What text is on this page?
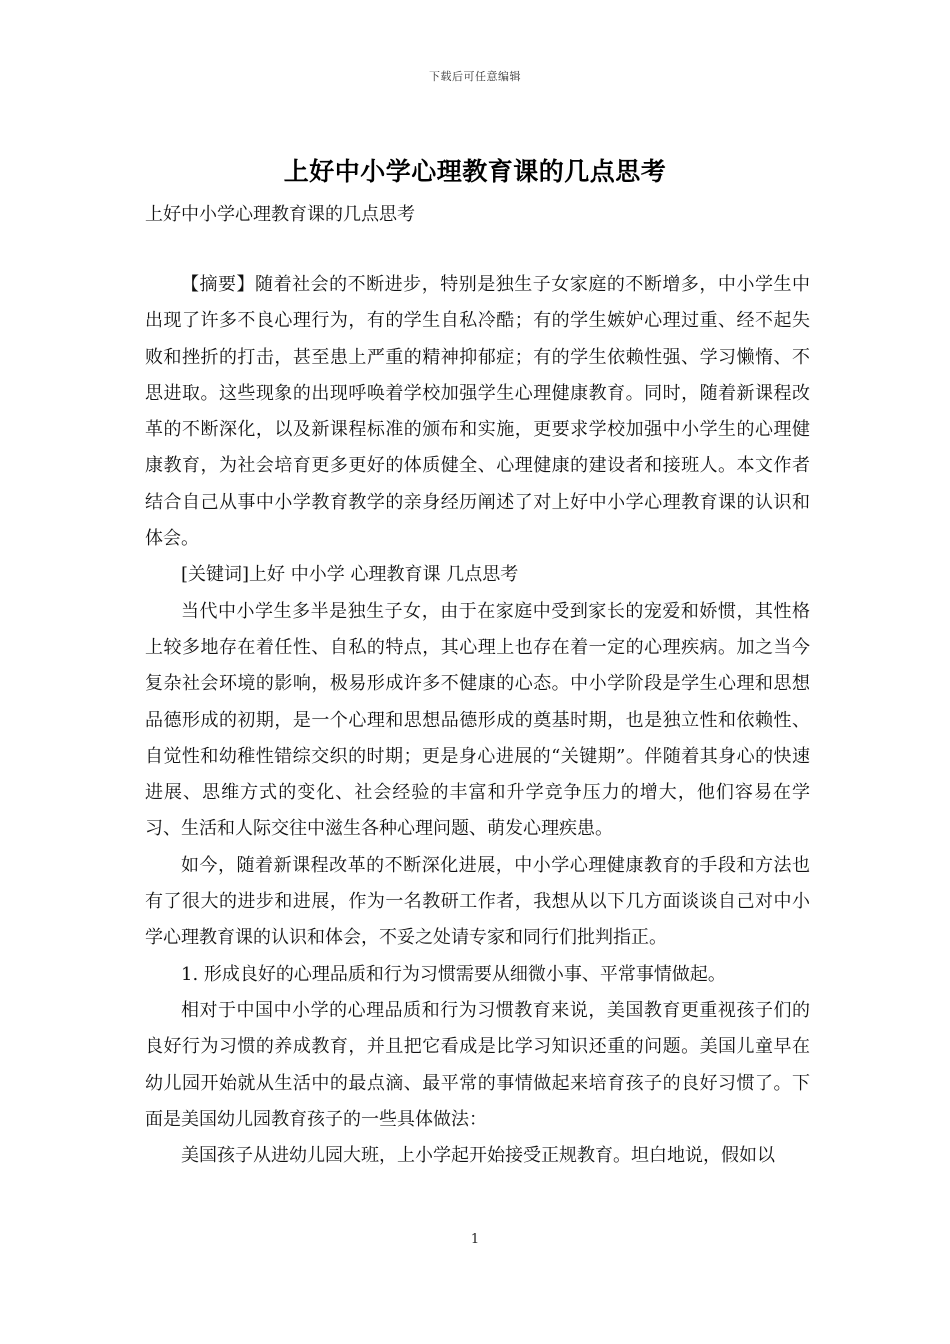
下载后可任意编辑
上好中小学心理教育课的几点思考
上好中小学心理教育课的几点思考

【摘要】随着社会的不断进步，特别是独生子女家庭的不断增多，中小学生中出现了许多不良心理行为，有的学生自私冷酷；有的学生嫉妒心理过重、经不起失败和挫折的打击，甚至患上严重的精神抑郁症；有的学生依赖性强、学习懒惰、不思进取。这些现象的出现呼唤着学校加强学生心理健康教育。同时，随着新课程改革的不断深化，以及新课程标准的颁布和实施，更要求学校加强中小学生的心理健康教育，为社会培育更多更好的体质健全、心理健康的建设者和接班人。本文作者结合自己从事中小学教育教学的亲身经历阐述了对上好中小学心理教育课的认识和体会。

[关键词]上好 中小学 心理教育课 几点思考

当代中小学生多半是独生子女，由于在家庭中受到家长的宠爱和娇惯，其性格上较多地存在着任性、自私的特点，其心理上也存在着一定的心理疾病。加之当今复杂社会环境的影响，极易形成许多不健康的心态。中小学阶段是学生心理和思想品德形成的初期，是一个心理和思想品德形成的奠基时期，也是独立性和依赖性、自觉性和幼稚性错综交织的时期；更是身心进展的“关键期”。伴随着其身心的快速进展、思维方式的变化、社会经验的丰富和升学竞争压力的增大，他们容易在学习、生活和人际交往中滋生各种心理问题、萌发心理疾患。

如今，随着新课程改革的不断深化进展，中小学心理健康教育的手段和方法也有了很大的进步和进展，作为一名教研工作者，我想从以下几方面谈谈自己对中小学心理教育课的认识和体会，不妥之处请专家和同行们批判指正。

1. 形成良好的心理品质和行为习惯需要从细微小事、平常事情做起。

相对于中国中小学的心理品质和行为习惯教育来说，美国教育更重视孩子们的良好行为习惯的养成教育，并且把它看成是比学习知识还重的问题。美国儿童早在幼儿园开始就从生活中的最点滴、最平常的事情做起来培育孩子的良好习惯了。下面是美国幼儿园教育孩子的一些具体做法：

美国孩子从进幼儿园大班，上小学起开始接受正规教育。坦白地说，假如以

1
